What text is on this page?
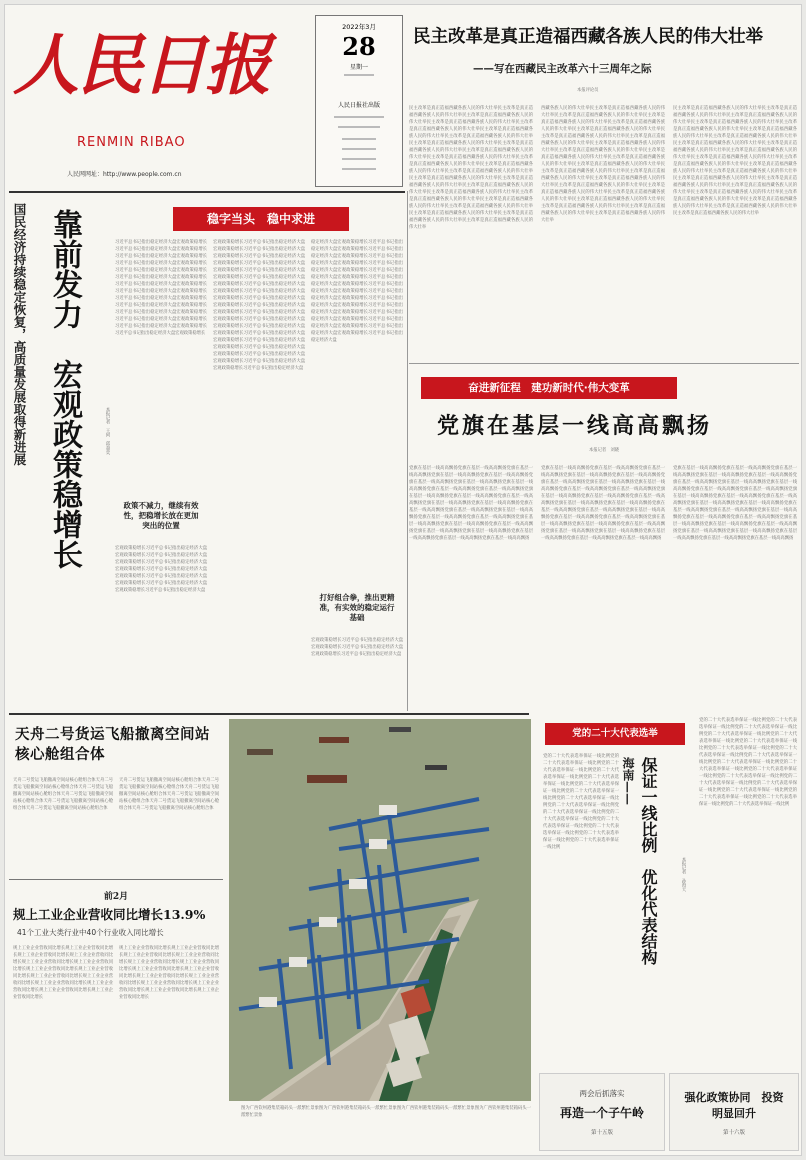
人民日报
RENMIN RIBAO
人民网网址：http://www.people.com.cn
2022年3月
28
星期一
人民日报社出版
民主改革是真正造福西藏各族人民的伟大壮举
——写在西藏民主改革六十三周年之际
本报评论员
民主改革是真正造福西藏各族人民的伟大壮举民主改革是真正造福西藏各族人民的伟大壮举民主改革是真正造福西藏各族人民的伟大壮举民主改革是真正造福西藏各族人民的伟大壮举民主改革是真正造福西藏各族人民的伟大壮举民主改革是真正造福西藏各族人民的伟大壮举民主改革是真正造福西藏各族人民的伟大壮举民主改革是真正造福西藏各族人民的伟大壮举民主改革是真正造福西藏各族人民的伟大壮举民主改革是真正造福西藏各族人民的伟大壮举民主改革是真正造福西藏各族人民的伟大壮举民主改革是真正造福西藏各族人民的伟大壮举民主改革是真正造福西藏各族人民的伟大壮举民主改革是真正造福西藏各族人民的伟大壮举民主改革是真正造福西藏各族人民的伟大壮举民主改革是真正造福西藏各族人民的伟大壮举民主改革是真正造福西藏各族人民的伟大壮举民主改革是真正造福西藏各族人民的伟大壮举民主改革是真正造福西藏各族人民的伟大壮举民主改革是真正造福西藏各族人民的伟大壮举民主改革是真正造福西藏各族人民的伟大壮举民主改革是真正造福西藏各族人民的伟大壮举民主改革是真正造福西藏各族人民的伟大壮举民主改革是真正造福西藏各族人民的伟大壮举
西藏各族人民的伟大壮举民主改革是真正造福西藏各族人民的伟大壮举民主改革是真正造福西藏各族人民的伟大壮举民主改革是真正造福西藏各族人民的伟大壮举民主改革是真正造福西藏各族人民的伟大壮举民主改革是真正造福西藏各族人民的伟大壮举民主改革是真正造福西藏各族人民的伟大壮举民主改革是真正造福西藏各族人民的伟大壮举民主改革是真正造福西藏各族人民的伟大壮举民主改革是真正造福西藏各族人民的伟大壮举民主改革是真正造福西藏各族人民的伟大壮举民主改革是真正造福西藏各族人民的伟大壮举民主改革是真正造福西藏各族人民的伟大壮举民主改革是真正造福西藏各族人民的伟大壮举民主改革是真正造福西藏各族人民的伟大壮举民主改革是真正造福西藏各族人民的伟大壮举民主改革是真正造福西藏各族人民的伟大壮举民主改革是真正造福西藏各族人民的伟大壮举民主改革是真正造福西藏各族人民的伟大壮举民主改革是真正造福西藏各族人民的伟大壮举民主改革是真正造福西藏各族人民的伟大壮举民主改革是真正造福西藏各族人民的伟大壮举民主改革是真正造福西藏各族人民的伟大壮举
民主改革是真正造福西藏各族人民的伟大壮举民主改革是真正造福西藏各族人民的伟大壮举民主改革是真正造福西藏各族人民的伟大壮举民主改革是真正造福西藏各族人民的伟大壮举民主改革是真正造福西藏各族人民的伟大壮举民主改革是真正造福西藏各族人民的伟大壮举民主改革是真正造福西藏各族人民的伟大壮举民主改革是真正造福西藏各族人民的伟大壮举民主改革是真正造福西藏各族人民的伟大壮举民主改革是真正造福西藏各族人民的伟大壮举民主改革是真正造福西藏各族人民的伟大壮举民主改革是真正造福西藏各族人民的伟大壮举民主改革是真正造福西藏各族人民的伟大壮举民主改革是真正造福西藏各族人民的伟大壮举民主改革是真正造福西藏各族人民的伟大壮举民主改革是真正造福西藏各族人民的伟大壮举民主改革是真正造福西藏各族人民的伟大壮举民主改革是真正造福西藏各族人民的伟大壮举民主改革是真正造福西藏各族人民的伟大壮举民主改革是真正造福西藏各族人民的伟大壮举民主改革是真正造福西藏各族人民的伟大壮举民主改革是真正造福西藏各族人民的伟大壮举
国民经济持续稳定恢复，高质量发展取得新进展 靠前发力　宏观政策稳增长	本报记者　王珂　邱超奕
稳字当头　稳中求进
习近平总书记指出稳定经济大盘宏观政策稳增长习近平总书记指出稳定经济大盘宏观政策稳增长习近平总书记指出稳定经济大盘宏观政策稳增长习近平总书记指出稳定经济大盘宏观政策稳增长习近平总书记指出稳定经济大盘宏观政策稳增长习近平总书记指出稳定经济大盘宏观政策稳增长习近平总书记指出稳定经济大盘宏观政策稳增长习近平总书记指出稳定经济大盘宏观政策稳增长习近平总书记指出稳定经济大盘宏观政策稳增长习近平总书记指出稳定经济大盘宏观政策稳增长习近平总书记指出稳定经济大盘宏观政策稳增长习近平总书记指出稳定经济大盘宏观政策稳增长习近平总书记指出稳定经济大盘宏观政策稳增长习近平总书记指出稳定经济大盘宏观政策稳增长
政策不减力，继续有效性，把稳增长放在更加突出的位置
宏观政策稳增长习近平总书记指出稳定经济大盘宏观政策稳增长习近平总书记指出稳定经济大盘宏观政策稳增长习近平总书记指出稳定经济大盘宏观政策稳增长习近平总书记指出稳定经济大盘宏观政策稳增长习近平总书记指出稳定经济大盘宏观政策稳增长习近平总书记指出稳定经济大盘宏观政策稳增长习近平总书记指出稳定经济大盘
宏观政策稳增长习近平总书记指出稳定经济大盘宏观政策稳增长习近平总书记指出稳定经济大盘宏观政策稳增长习近平总书记指出稳定经济大盘宏观政策稳增长习近平总书记指出稳定经济大盘宏观政策稳增长习近平总书记指出稳定经济大盘宏观政策稳增长习近平总书记指出稳定经济大盘宏观政策稳增长习近平总书记指出稳定经济大盘宏观政策稳增长习近平总书记指出稳定经济大盘宏观政策稳增长习近平总书记指出稳定经济大盘宏观政策稳增长习近平总书记指出稳定经济大盘宏观政策稳增长习近平总书记指出稳定经济大盘宏观政策稳增长习近平总书记指出稳定经济大盘宏观政策稳增长习近平总书记指出稳定经济大盘宏观政策稳增长习近平总书记指出稳定经济大盘宏观政策稳增长习近平总书记指出稳定经济大盘宏观政策稳增长习近平总书记指出稳定经济大盘宏观政策稳增长习近平总书记指出稳定经济大盘宏观政策稳增长习近平总书记指出稳定经济大盘宏观政策稳增长习近平总书记指出稳定经济大盘
稳定经济大盘宏观政策稳增长习近平总书记指出稳定经济大盘宏观政策稳增长习近平总书记指出稳定经济大盘宏观政策稳增长习近平总书记指出稳定经济大盘宏观政策稳增长习近平总书记指出稳定经济大盘宏观政策稳增长习近平总书记指出稳定经济大盘宏观政策稳增长习近平总书记指出稳定经济大盘宏观政策稳增长习近平总书记指出稳定经济大盘宏观政策稳增长习近平总书记指出稳定经济大盘宏观政策稳增长习近平总书记指出稳定经济大盘宏观政策稳增长习近平总书记指出稳定经济大盘宏观政策稳增长习近平总书记指出稳定经济大盘宏观政策稳增长习近平总书记指出稳定经济大盘宏观政策稳增长习近平总书记指出稳定经济大盘宏观政策稳增长习近平总书记指出稳定经济大盘
打好组合拳，推出更精准，有实效的稳定运行基础
宏观政策稳增长习近平总书记指出稳定经济大盘宏观政策稳增长习近平总书记指出稳定经济大盘宏观政策稳增长习近平总书记指出稳定经济大盘
奋进新征程　建功新时代·伟大变革
党旗在基层一线高高飘扬
本报记者　刘晓
党旗在基层一线高高飘扬党旗在基层一线高高飘扬党旗在基层一线高高飘扬党旗在基层一线高高飘扬党旗在基层一线高高飘扬党旗在基层一线高高飘扬党旗在基层一线高高飘扬党旗在基层一线高高飘扬党旗在基层一线高高飘扬党旗在基层一线高高飘扬党旗在基层一线高高飘扬党旗在基层一线高高飘扬党旗在基层一线高高飘扬党旗在基层一线高高飘扬党旗在基层一线高高飘扬党旗在基层一线高高飘扬党旗在基层一线高高飘扬党旗在基层一线高高飘扬党旗在基层一线高高飘扬党旗在基层一线高高飘扬党旗在基层一线高高飘扬党旗在基层一线高高飘扬党旗在基层一线高高飘扬党旗在基层一线高高飘扬党旗在基层一线高高飘扬党旗在基层一线高高飘扬党旗在基层一线高高飘扬党旗在基层一线高高飘扬
党旗在基层一线高高飘扬党旗在基层一线高高飘扬党旗在基层一线高高飘扬党旗在基层一线高高飘扬党旗在基层一线高高飘扬党旗在基层一线高高飘扬党旗在基层一线高高飘扬党旗在基层一线高高飘扬党旗在基层一线高高飘扬党旗在基层一线高高飘扬党旗在基层一线高高飘扬党旗在基层一线高高飘扬党旗在基层一线高高飘扬党旗在基层一线高高飘扬党旗在基层一线高高飘扬党旗在基层一线高高飘扬党旗在基层一线高高飘扬党旗在基层一线高高飘扬党旗在基层一线高高飘扬党旗在基层一线高高飘扬党旗在基层一线高高飘扬党旗在基层一线高高飘扬党旗在基层一线高高飘扬党旗在基层一线高高飘扬党旗在基层一线高高飘扬党旗在基层一线高高飘扬党旗在基层一线高高飘扬党旗在基层一线高高飘扬
党旗在基层一线高高飘扬党旗在基层一线高高飘扬党旗在基层一线高高飘扬党旗在基层一线高高飘扬党旗在基层一线高高飘扬党旗在基层一线高高飘扬党旗在基层一线高高飘扬党旗在基层一线高高飘扬党旗在基层一线高高飘扬党旗在基层一线高高飘扬党旗在基层一线高高飘扬党旗在基层一线高高飘扬党旗在基层一线高高飘扬党旗在基层一线高高飘扬党旗在基层一线高高飘扬党旗在基层一线高高飘扬党旗在基层一线高高飘扬党旗在基层一线高高飘扬党旗在基层一线高高飘扬党旗在基层一线高高飘扬党旗在基层一线高高飘扬党旗在基层一线高高飘扬党旗在基层一线高高飘扬党旗在基层一线高高飘扬党旗在基层一线高高飘扬党旗在基层一线高高飘扬党旗在基层一线高高飘扬党旗在基层一线高高飘扬
天舟二号货运飞船撤离空间站核心舱组合体
天舟二号货运飞船撤离空间站核心舱组合体天舟二号货运飞船撤离空间站核心舱组合体天舟二号货运飞船撤离空间站核心舱组合体天舟二号货运飞船撤离空间站核心舱组合体天舟二号货运飞船撤离空间站核心舱组合体天舟二号货运飞船撤离空间站核心舱组合体
天舟二号货运飞船撤离空间站核心舱组合体天舟二号货运飞船撤离空间站核心舱组合体天舟二号货运飞船撤离空间站核心舱组合体天舟二号货运飞船撤离空间站核心舱组合体天舟二号货运飞船撤离空间站核心舱组合体天舟二号货运飞船撤离空间站核心舱组合体
前2月
规上工业企业营收同比增长13.9%
41个工业大类行业中40个行业收入同比增长
规上工业企业营收同比增长规上工业企业营收同比增长规上工业企业营收同比增长规上工业企业营收同比增长规上工业企业营收同比增长规上工业企业营收同比增长规上工业企业营收同比增长规上工业企业营收同比增长规上工业企业营收同比增长规上工业企业营收同比增长规上工业企业营收同比增长规上工业企业营收同比增长规上工业企业营收同比增长规上工业企业营收同比增长
规上工业企业营收同比增长规上工业企业营收同比增长规上工业企业营收同比增长规上工业企业营收同比增长规上工业企业营收同比增长规上工业企业营收同比增长规上工业企业营收同比增长规上工业企业营收同比增长规上工业企业营收同比增长规上工业企业营收同比增长规上工业企业营收同比增长规上工业企业营收同比增长规上工业企业营收同比增长规上工业企业营收同比增长
图为广西钦州港集装箱码头一派繁忙景象图为广西钦州港集装箱码头一派繁忙景象图为广西钦州港集装箱码头一派繁忙景象图为广西钦州港集装箱码头一派繁忙景象
党的二十大代表选举
党的二十大代表选举保证一线比例党的二十大代表选举保证一线比例党的二十大代表选举保证一线比例党的二十大代表选举保证一线比例党的二十大代表选举保证一线比例党的二十大代表选举保证一线比例党的二十大代表选举保证一线比例党的二十大代表选举保证一线比例党的二十大代表选举保证一线比例党的二十大代表选举保证一线比例党的二十大代表选举保证一线比例党的二十大代表选举保证一线比例党的二十大代表选举保证一线比例党的二十大代表选举保证一线比例党的二十大代表选举保证一线比例
海南—— 保证一线比例　优化代表结构	本报记者　孙海天
党的二十大代表选举保证一线比例党的二十大代表选举保证一线比例党的二十大代表选举保证一线比例党的二十大代表选举保证一线比例党的二十大代表选举保证一线比例党的二十大代表选举保证一线比例党的二十大代表选举保证一线比例党的二十大代表选举保证一线比例党的二十大代表选举保证一线比例党的二十大代表选举保证一线比例党的二十大代表选举保证一线比例党的二十大代表选举保证一线比例党的二十大代表选举保证一线比例党的二十大代表选举保证一线比例党的二十大代表选举保证一线比例党的二十大代表选举保证一线比例党的二十大代表选举保证一线比例党的二十大代表选举保证一线比例党的二十大代表选举保证一线比例
两会后抓落实
再造一个子午岭
第十五版
强化政策协同　投资明显回升
第十六版
